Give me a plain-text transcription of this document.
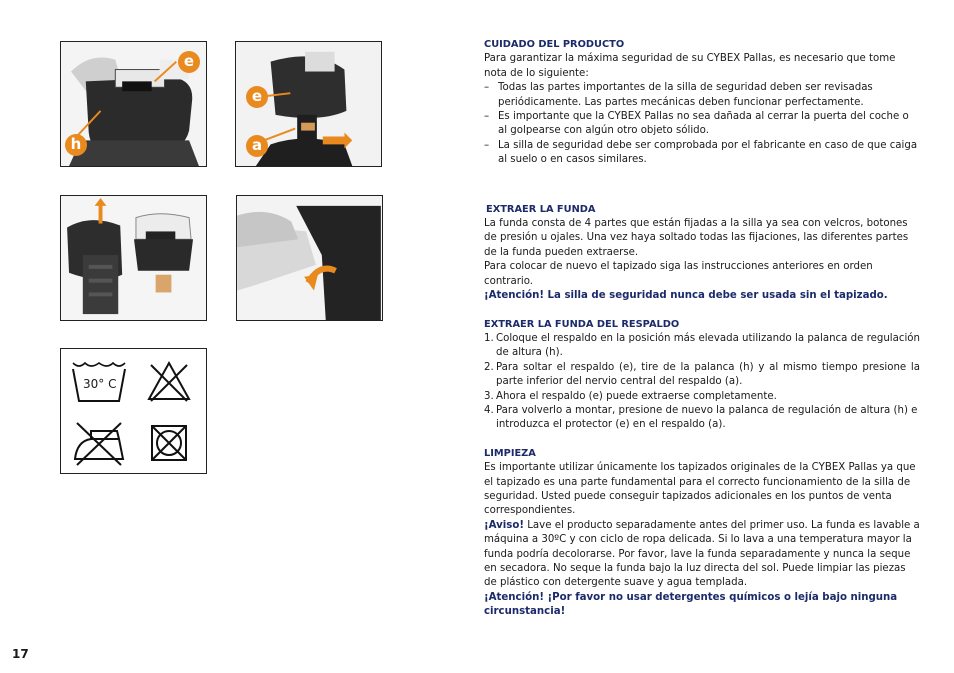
e
h
e
a
30° C

CUIDADO DEL PRODUCTO

Para garantizar la máxima seguridad de su CYBEX Pallas, es necesario que tome nota de lo siguiente:

– Todas las partes importantes de la silla de seguridad deben ser revisadas periódicamente. Las partes mecánicas deben funcionar perfectamente.
– Es importante que la CYBEX Pallas no sea dañada al cerrar la puerta del coche o al golpearse con algún otro objeto sólido.
– La silla de seguridad debe ser comprobada por el fabricante en caso de que caiga al suelo o en casos similares.

EXTRAER LA FUNDA

La funda consta de 4 partes que están fijadas a la silla ya sea con velcros, botones de presión u ojales. Una vez haya soltado todas las fijaciones, las diferentes partes de la funda pueden extraerse.

Para colocar de nuevo el tapizado siga las instrucciones anteriores en orden contrario.

¡Atención! La silla de seguridad nunca debe ser usada sin el tapizado.

EXTRAER LA FUNDA DEL RESPALDO

1. Coloque el respaldo en la posición más elevada utilizando la palanca de regulación de altura (h).
2. Para soltar el respaldo (e), tire de la palanca (h) y al mismo tiempo presione la parte inferior del nervio central del respaldo (a).
3. Ahora el respaldo (e) puede extraerse completamente.
4. Para volverlo a montar, presione de nuevo la palanca de regulación de altura (h) e introduzca el protector (e) en el respaldo (a).

LIMPIEZA

Es importante utilizar únicamente los tapizados originales de la CYBEX Pallas ya que el tapizado es una parte fundamental para el correcto funcionamiento de la silla de seguridad. Usted puede conseguir tapizados adicionales en los puntos de venta correspondientes.

¡Aviso! Lave el producto separadamente antes del primer uso. La funda es lavable a máquina a 30ºC y con ciclo de ropa delicada. Si lo lava a una temperatura mayor la funda podría decolorarse. Por favor, lave la funda separadamente y nunca la seque en secadora. No seque la funda bajo la luz directa del sol. Puede limpiar las piezas de plástico con detergente suave y agua templada.

¡Atención! ¡Por favor no usar detergentes químicos o lejía bajo ninguna circunstancia!

17
